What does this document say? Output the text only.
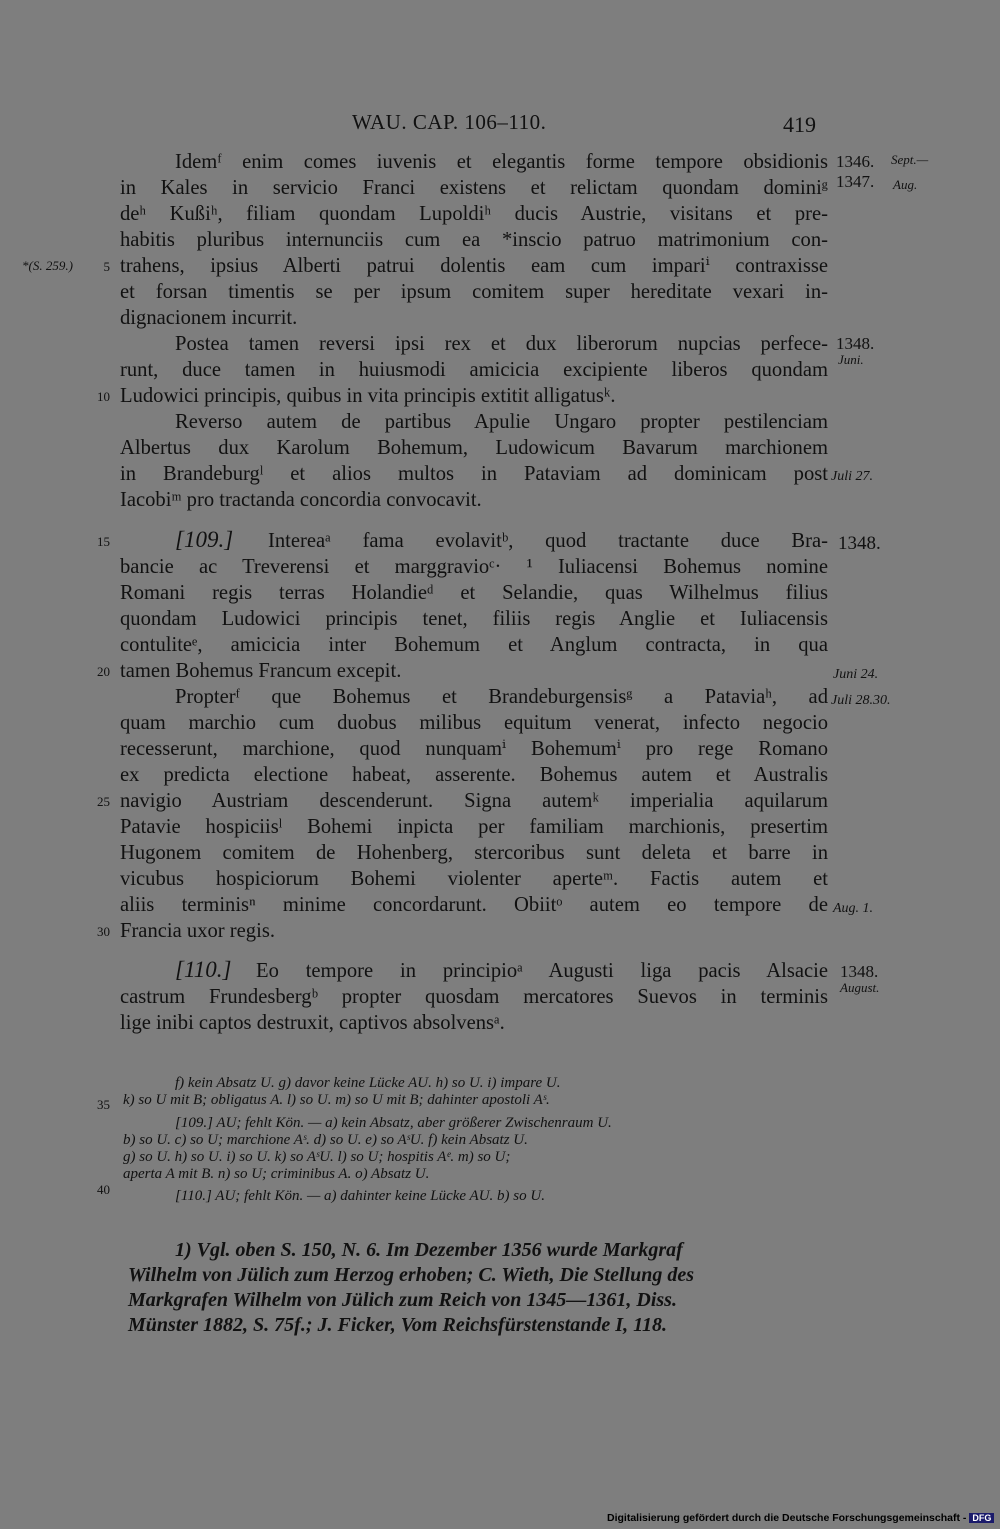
WAU. CAP. 106–110.	419
Idemᶠ enim comes iuvenis et elegantis forme tempore obsidionis
in Kales in servicio Franci existens et relictam quondam dominiᵍ
deʰ Kußiʰ, filiam quondam Lupoldiʰ ducis Austrie, visitans et pre-
habitis pluribus internunciis cum ea *inscio patruo matrimonium con-
trahens, ipsius Alberti patrui dolentis eam cum impariⁱ contraxisse
et forsan timentis se per ipsum comitem super hereditate vexari in-
dignacionem incurrit.
Postea tamen reversi ipsi rex et dux liberorum nupcias perfece-
runt, duce tamen in huiusmodi amicicia excipiente liberos quondam
Ludowici principis, quibus in vita principis extitit alligatusᵏ.
Reverso autem de partibus Apulie Ungaro propter pestilenciam
Albertus dux Karolum Bohemum, Ludowicum Bavarum marchionem
in Brandeburgˡ et alios multos in Pataviam ad dominicam post
Iacobiᵐ pro tractanda concordia convocavit.
[109.]	Intereaᵃ fama evolavitᵇ, quod tractante duce Bra-
bancie ac Treverensi et marggravioᶜ· ¹ Iuliacensi Bohemus nomine
Romani regis terras Holandieᵈ et Selandie, quas Wilhelmus filius
quondam Ludowici principis tenet, filiis regis Anglie et Iuliacensis
contuliteᵉ, amicicia inter Bohemum et Anglum contracta, in qua
tamen Bohemus Francum excepit.
Propterᶠ que Bohemus et Brandeburgensisᵍ a Pataviaʰ, ad
quam marchio cum duobus milibus equitum venerat, infecto negocio
recesserunt, marchione, quod nunquamⁱ Bohemumⁱ pro rege Romano
ex predicta electione habeat, asserente. Bohemus autem et Australis
navigio Austriam descenderunt. Signa autemᵏ imperialia aquilarum
Patavie hospiciisˡ Bohemi inpicta per familiam marchionis, presertim
Hugonem comitem de Hohenberg, stercoribus sunt deleta et barre in
vicubus hospiciorum Bohemi violenter aperteᵐ. Factis autem et
aliis terminisⁿ minime concordarunt. Obiitᵒ autem eo tempore de
Francia uxor regis.
[110.]	Eo tempore in principioᵃ Augusti liga pacis Alsacie
castrum Frundesbergᵇ propter quosdam mercatores Suevos in terminis
lige inibi captos destruxit, captivos absolvensᵃ.
*(S. 259.)	5
10
15
20
25
30
35
40
1346. Sept.—
1347. Aug.
1348.
Juni.
Juli 27.
1348.
Juni 24.
Juli 28.30.
Aug. 1.
1348.
August.
f) kein Absatz U. g) davor keine Lücke AU. h) so U. i) impare U.
k) so U mit B; obligatus A. l) so U. m) so U mit B; dahinter apostoli Aˢ.
[109.] AU; fehlt Kön. — a) kein Absatz, aber größerer Zwischenraum U.
b) so U. c) so U; marchione Aˢ. d) so U. e) so AˢU. f) kein Absatz U.
g) so U. h) so U. i) so U. k) so AˢU. l) so U; hospitis Aᵉ. m) so U;
aperta A mit B. n) so U; criminibus A. o) Absatz U.
[110.] AU; fehlt Kön. — a) dahinter keine Lücke AU. b) so U.
1) Vgl. oben S. 150, N. 6. Im Dezember 1356 wurde Markgraf
Wilhelm von Jülich zum Herzog erhoben; C. Wieth, Die Stellung des
Markgrafen Wilhelm von Jülich zum Reich von 1345—1361, Diss.
Münster 1882, S. 75f.; J. Ficker, Vom Reichsfürstenstande I, 118.
Digitalisierung gefördert durch die Deutsche Forschungsgemeinschaft - DFG
